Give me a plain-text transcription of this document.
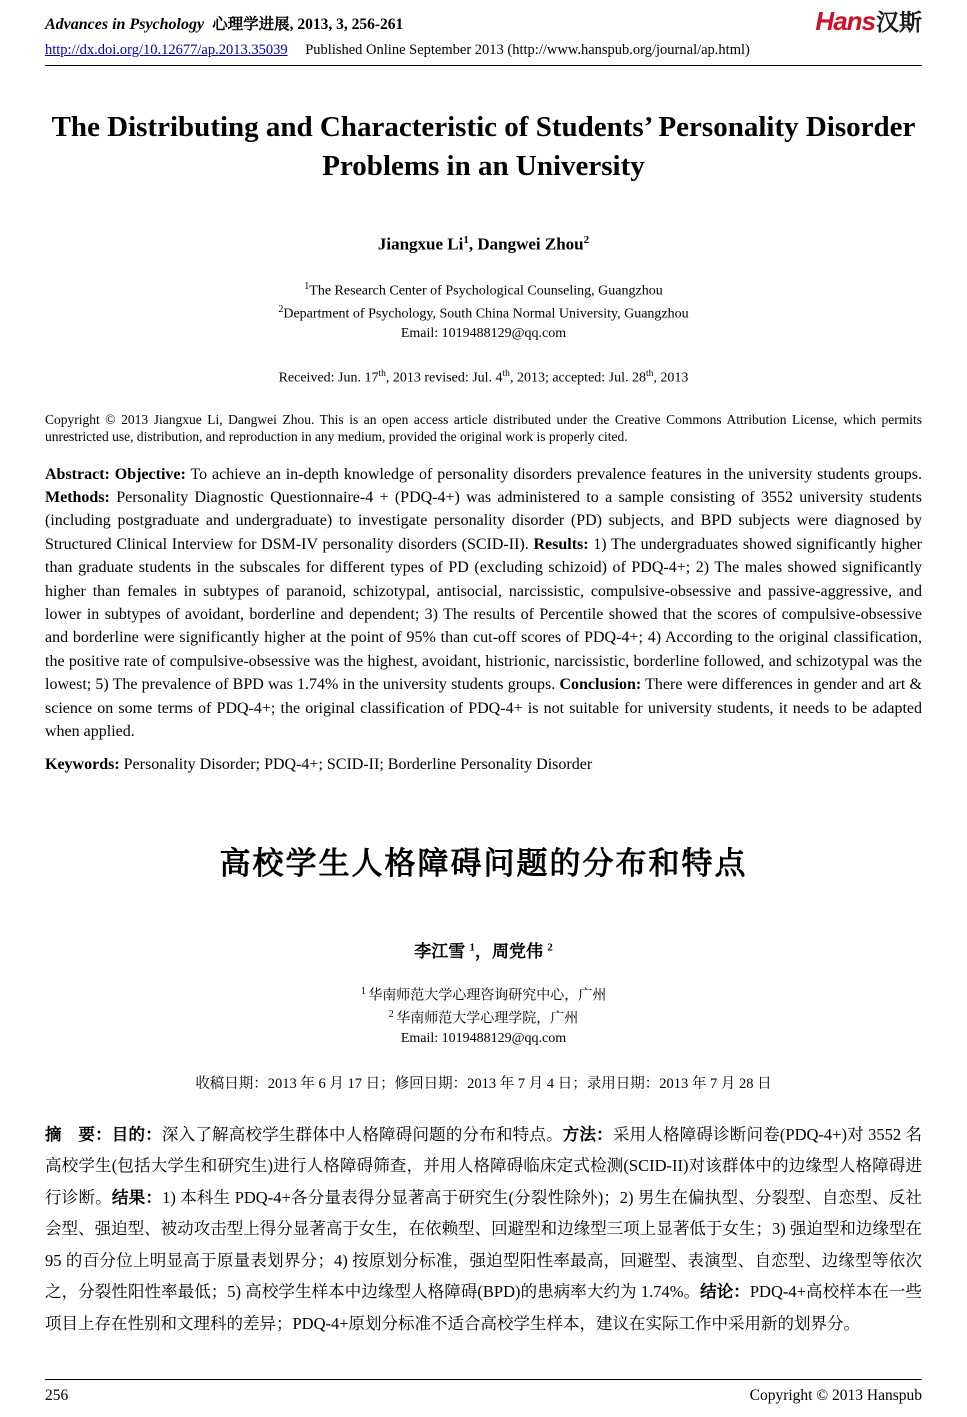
Advances in Psychology 心理学进展, 2013, 3, 256-261	Hans汉斯
http://dx.doi.org/10.12677/ap.2013.35039 Published Online September 2013 (http://www.hanspub.org/journal/ap.html)
The Distributing and Characteristic of Students’ Personality Disorder Problems in an University

Jiangxue Li$^1$, Dangwei Zhou$^2$

$^1$The Research Center of Psychological Counseling, Guangzhou

$^2$Department of Psychology, South China Normal University, Guangzhou

Email: 1019488129@qq.com

Received: Jun. 17th, 2013 revised: Jul. 4th, 2013; accepted: Jul. 28th, 2013

Copyright © 2013 Jiangxue Li, Dangwei Zhou. This is an open access article distributed under the Creative Commons Attribution License, which permits unrestricted use, distribution, and reproduction in any medium, provided the original work is properly cited.

Abstract: Objective: To achieve an in-depth knowledge of personality disorders prevalence features in the university students groups. Methods: Personality Diagnostic Questionnaire-4 + (PDQ-4+) was administered to a sample consisting of 3552 university students (including postgraduate and undergraduate) to investigate personality disorder (PD) subjects, and BPD subjects were diagnosed by Structured Clinical Interview for DSM-IV personality disorders (SCID-II). Results: 1) The undergraduates showed significantly higher than graduate students in the subscales for different types of PD (excluding schizoid) of PDQ-4+; 2) The males showed significantly higher than females in subtypes of paranoid, schizotypal, antisocial, narcissistic, compulsive-obsessive and passive-aggressive, and lower in subtypes of avoidant, borderline and dependent; 3) The results of Percentile showed that the scores of compulsive-obsessive and borderline were significantly higher at the point of 95% than cut-off scores of PDQ-4+; 4) According to the original classification, the positive rate of compulsive-obsessive was the highest, avoidant, histrionic, narcissistic, borderline followed, and schizotypal was the lowest; 5) The prevalence of BPD was 1.74% in the university students groups. Conclusion: There were differences in gender and art & science on some terms of PDQ-4+; the original classification of PDQ-4+ is not suitable for university students, it needs to be adapted when applied.

Keywords: Personality Disorder; PDQ-4+; SCID-II; Borderline Personality Disorder

高校学生人格障碍问题的分布和特点

李江雪 $^1$，周党伟 $^2$

$^1$ 华南师范大学心理咨询研究中心，广州

$^2$ 华南师范大学心理学院，广州

Email: 1019488129@qq.com

收稿日期：2013 年 6 月 17 日；修回日期：2013 年 7 月 4 日；录用日期：2013 年 7 月 28 日

摘　要：目的：深入了解高校学生群体中人格障碍问题的分布和特点。方法：采用人格障碍诊断问卷(PDQ-4+)对 3552 名高校学生(包括大学生和研究生)进行人格障碍筛查，并用人格障碍临床定式检测(SCID-II)对该群体中的边缘型人格障碍进行诊断。结果：1) 本科生 PDQ-4+各分量表得分显著高于研究生(分裂性除外)；2) 男生在偏执型、分裂型、自恋型、反社会型、强迫型、被动攻击型上得分显著高于女生，在依赖型、回避型和边缘型三项上显著低于女生；3) 强迫型和边缘型在 95 的百分位上明显高于原量表划界分；4) 按原划分标准，强迫型阳性率最高，回避型、表演型、自恋型、边缘型等依次之，分裂性阳性率最低；5) 高校学生样本中边缘型人格障碍(BPD)的患病率大约为 1.74%。结论：PDQ-4+高校样本在一些项目上存在性别和文理科的差异；PDQ-4+原划分标准不适合高校学生样本，建议在实际工作中采用新的划界分。

256	Copyright © 2013 Hanspub
